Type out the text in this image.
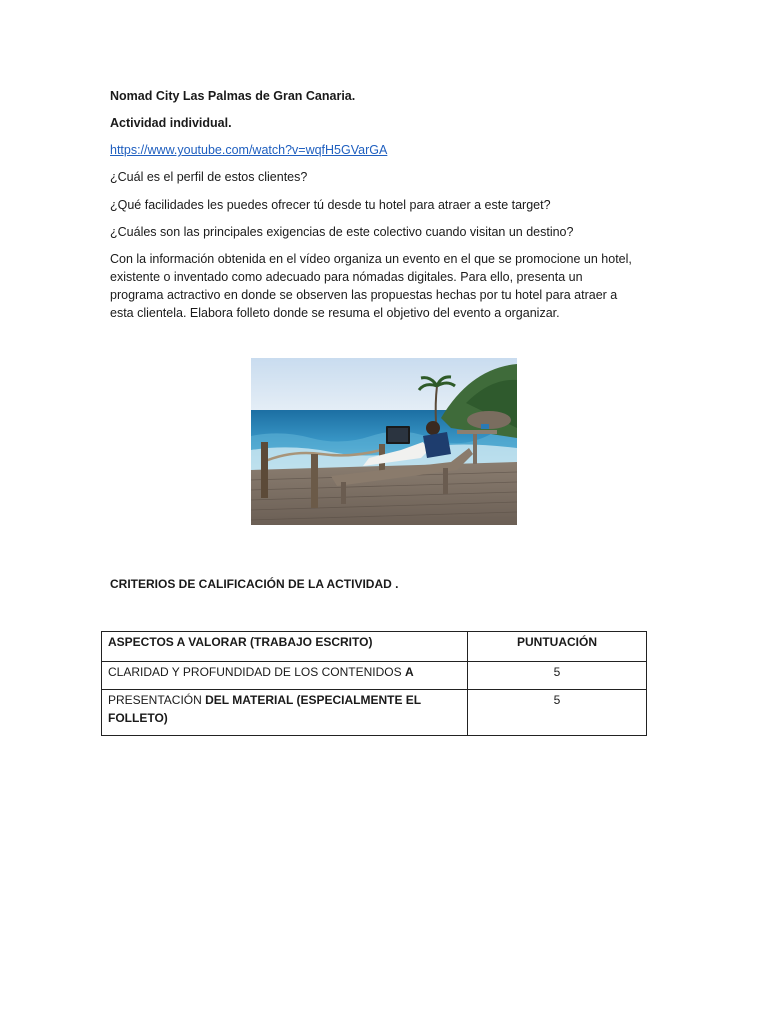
Nomad City Las Palmas de Gran Canaria.
Actividad individual.
https://www.youtube.com/watch?v=wqfH5GVarGA
¿Cuál es el perfil de estos clientes?
¿Qué facilidades les puedes ofrecer tú desde tu hotel para atraer a este target?
¿Cuáles son las principales exigencias de este colectivo cuando visitan un destino?
Con la información obtenida en el vídeo organiza un evento en el que se promocione un hotel,
existente o inventado como adecuado para nómadas digitales. Para ello, presenta un
programa actractivo en donde se observen las propuestas hechas por tu hotel para atraer a
esta clientela. Elabora folleto donde se resuma el objetivo del evento a organizar.
CRITERIOS DE CALIFICACIÓN DE LA ACTIVIDAD .
ASPECTOS A VALORAR (TRABAJO ESCRITO)	PUNTUACIÓN
CLARIDAD Y PROFUNDIDAD DE LOS CONTENIDOS A	5
PRESENTACIÓN DEL MATERIAL (ESPECIALMENTE EL FOLLETO)	5
